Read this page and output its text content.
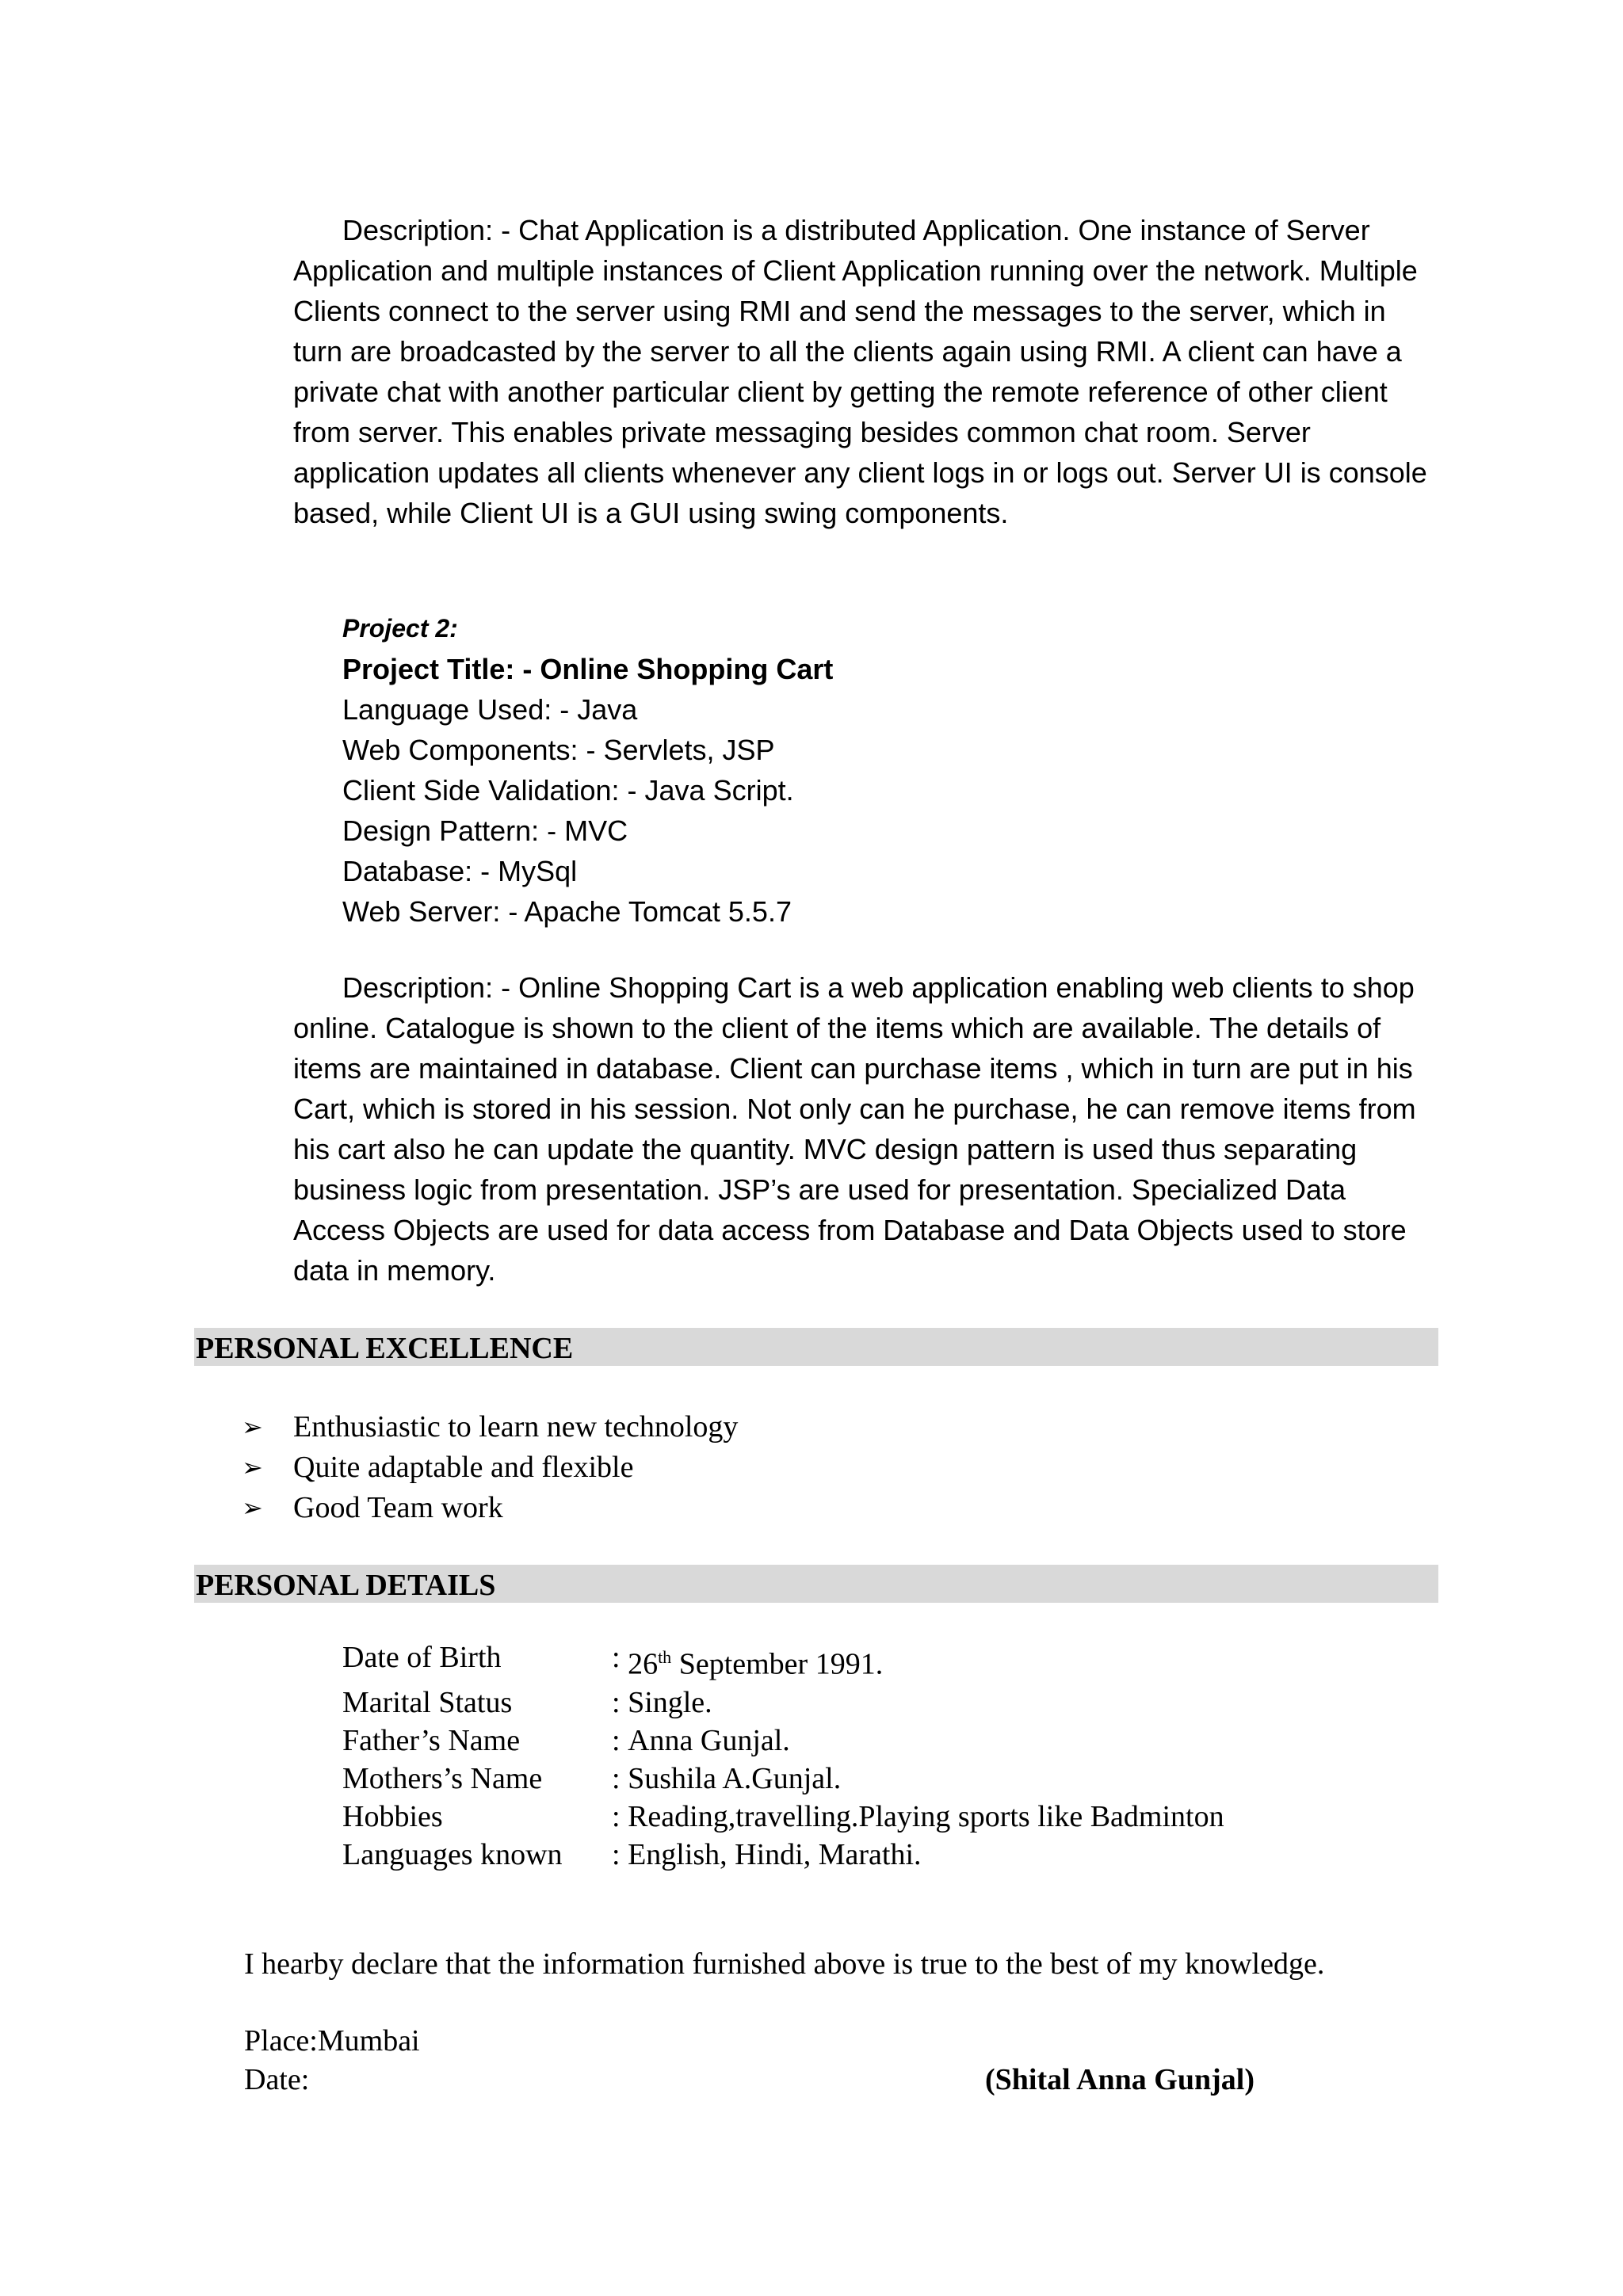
Description: - Chat Application is a distributed Application. One instance of Server Application and multiple instances of Client Application running over the network. Multiple Clients connect to the server using RMI and send the messages to the server, which in turn are broadcasted by the server to all the clients again using RMI. A client can have a private chat with another particular client by getting the remote reference of other client from server. This enables private messaging besides common chat room. Server application updates all clients whenever any client logs in or logs out. Server UI is console based, while Client UI is a GUI using swing components.

Project 2:
Project Title: - Online Shopping Cart
Language Used: - Java
Web Components: - Servlets, JSP
Client Side Validation: - Java Script.
Design Pattern: - MVC
Database: - MySql
Web Server: - Apache Tomcat 5.5.7

Description: - Online Shopping Cart is a web application enabling web clients to shop online. Catalogue is shown to the client of the items which are available. The details of items are maintained in database. Client can purchase items , which in turn are put in his Cart, which is stored in his session. Not only can he purchase, he can remove items from his cart also he can update the quantity. MVC design pattern is used thus separating business logic from presentation. JSP’s are used for presentation. Specialized Data Access Objects are used for data access from Database and Data Objects used to store data in memory.

PERSONAL EXCELLENCE
➢	Enthusiastic to learn new technology
➢	Quite adaptable and flexible
➢	Good Team work
PERSONAL DETAILS
Date of Birth	:
26th September 1991.
Marital Status	:
Single.
Father’s Name	:
Anna Gunjal.
Mothers’s Name	:
Sushila A.Gunjal.
Hobbies	:
Reading,travelling.Playing sports like Badminton
Languages known	:
English, Hindi, Marathi.
I hearby declare that the information furnished above is true to the best of my knowledge.
Place:Mumbai
Date:	(Shital Anna Gunjal)
